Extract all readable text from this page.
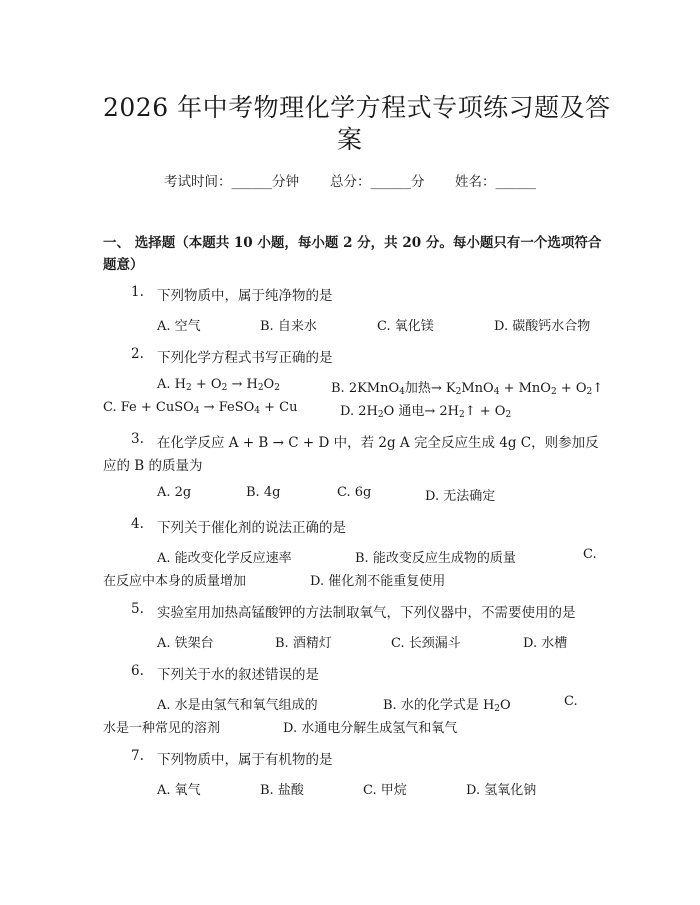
2026 年中考物理化学方程式专项练习题及答
案
考试时间：______分钟 总分：______分 姓名：______
一、 选择题（本题共 10 小题，每小题 2 分，共 20 分。每小题只有一个选项符合
题意）
1. 下列物质中，属于纯净物的是
A. 空气	B. 自来水	C. 氧化镁	D. 碳酸钙水合物
2. 下列化学方程式书写正确的是
A. $H_2 + O_2 \to H_2O_2$	B. 2KMnO$_4$加热→ $K_2MnO_4 + MnO_2$ + $O_2↑$
C. Fe + CuSO$_4$ → FeSO$_4$ + Cu	D. $2H_2O$ 通电→ $2H_2↑ + O_2$
3. 在化学反应 A + B → C + D 中，若 2g A 完全反应生成 4g C，则参加反
应的 B 的质量为
A. 2g	B. 4g	C. 6g	D. 无法确定
4. 下列关于催化剂的说法正确的是
A. 能改变化学反应速率	B. 能改变反应生成物的质量	C.
在反应中本身的质量增加	D. 催化剂不能重复使用
5. 实验室用加热高锰酸钾的方法制取氧气，下列仪器中，不需要使用的是
A. 铁架台	B. 酒精灯	C. 长颈漏斗	D. 水槽
6. 下列关于水的叙述错误的是
A. 水是由氢气和氧气组成的	B. 水的化学式是 $H_2O$	C.
水是一种常见的溶剂	D. 水通电分解生成氢气和氧气
7. 下列物质中，属于有机物的是
A. 氧气	B. 盐酸	C. 甲烷	D. 氢氧化钠
